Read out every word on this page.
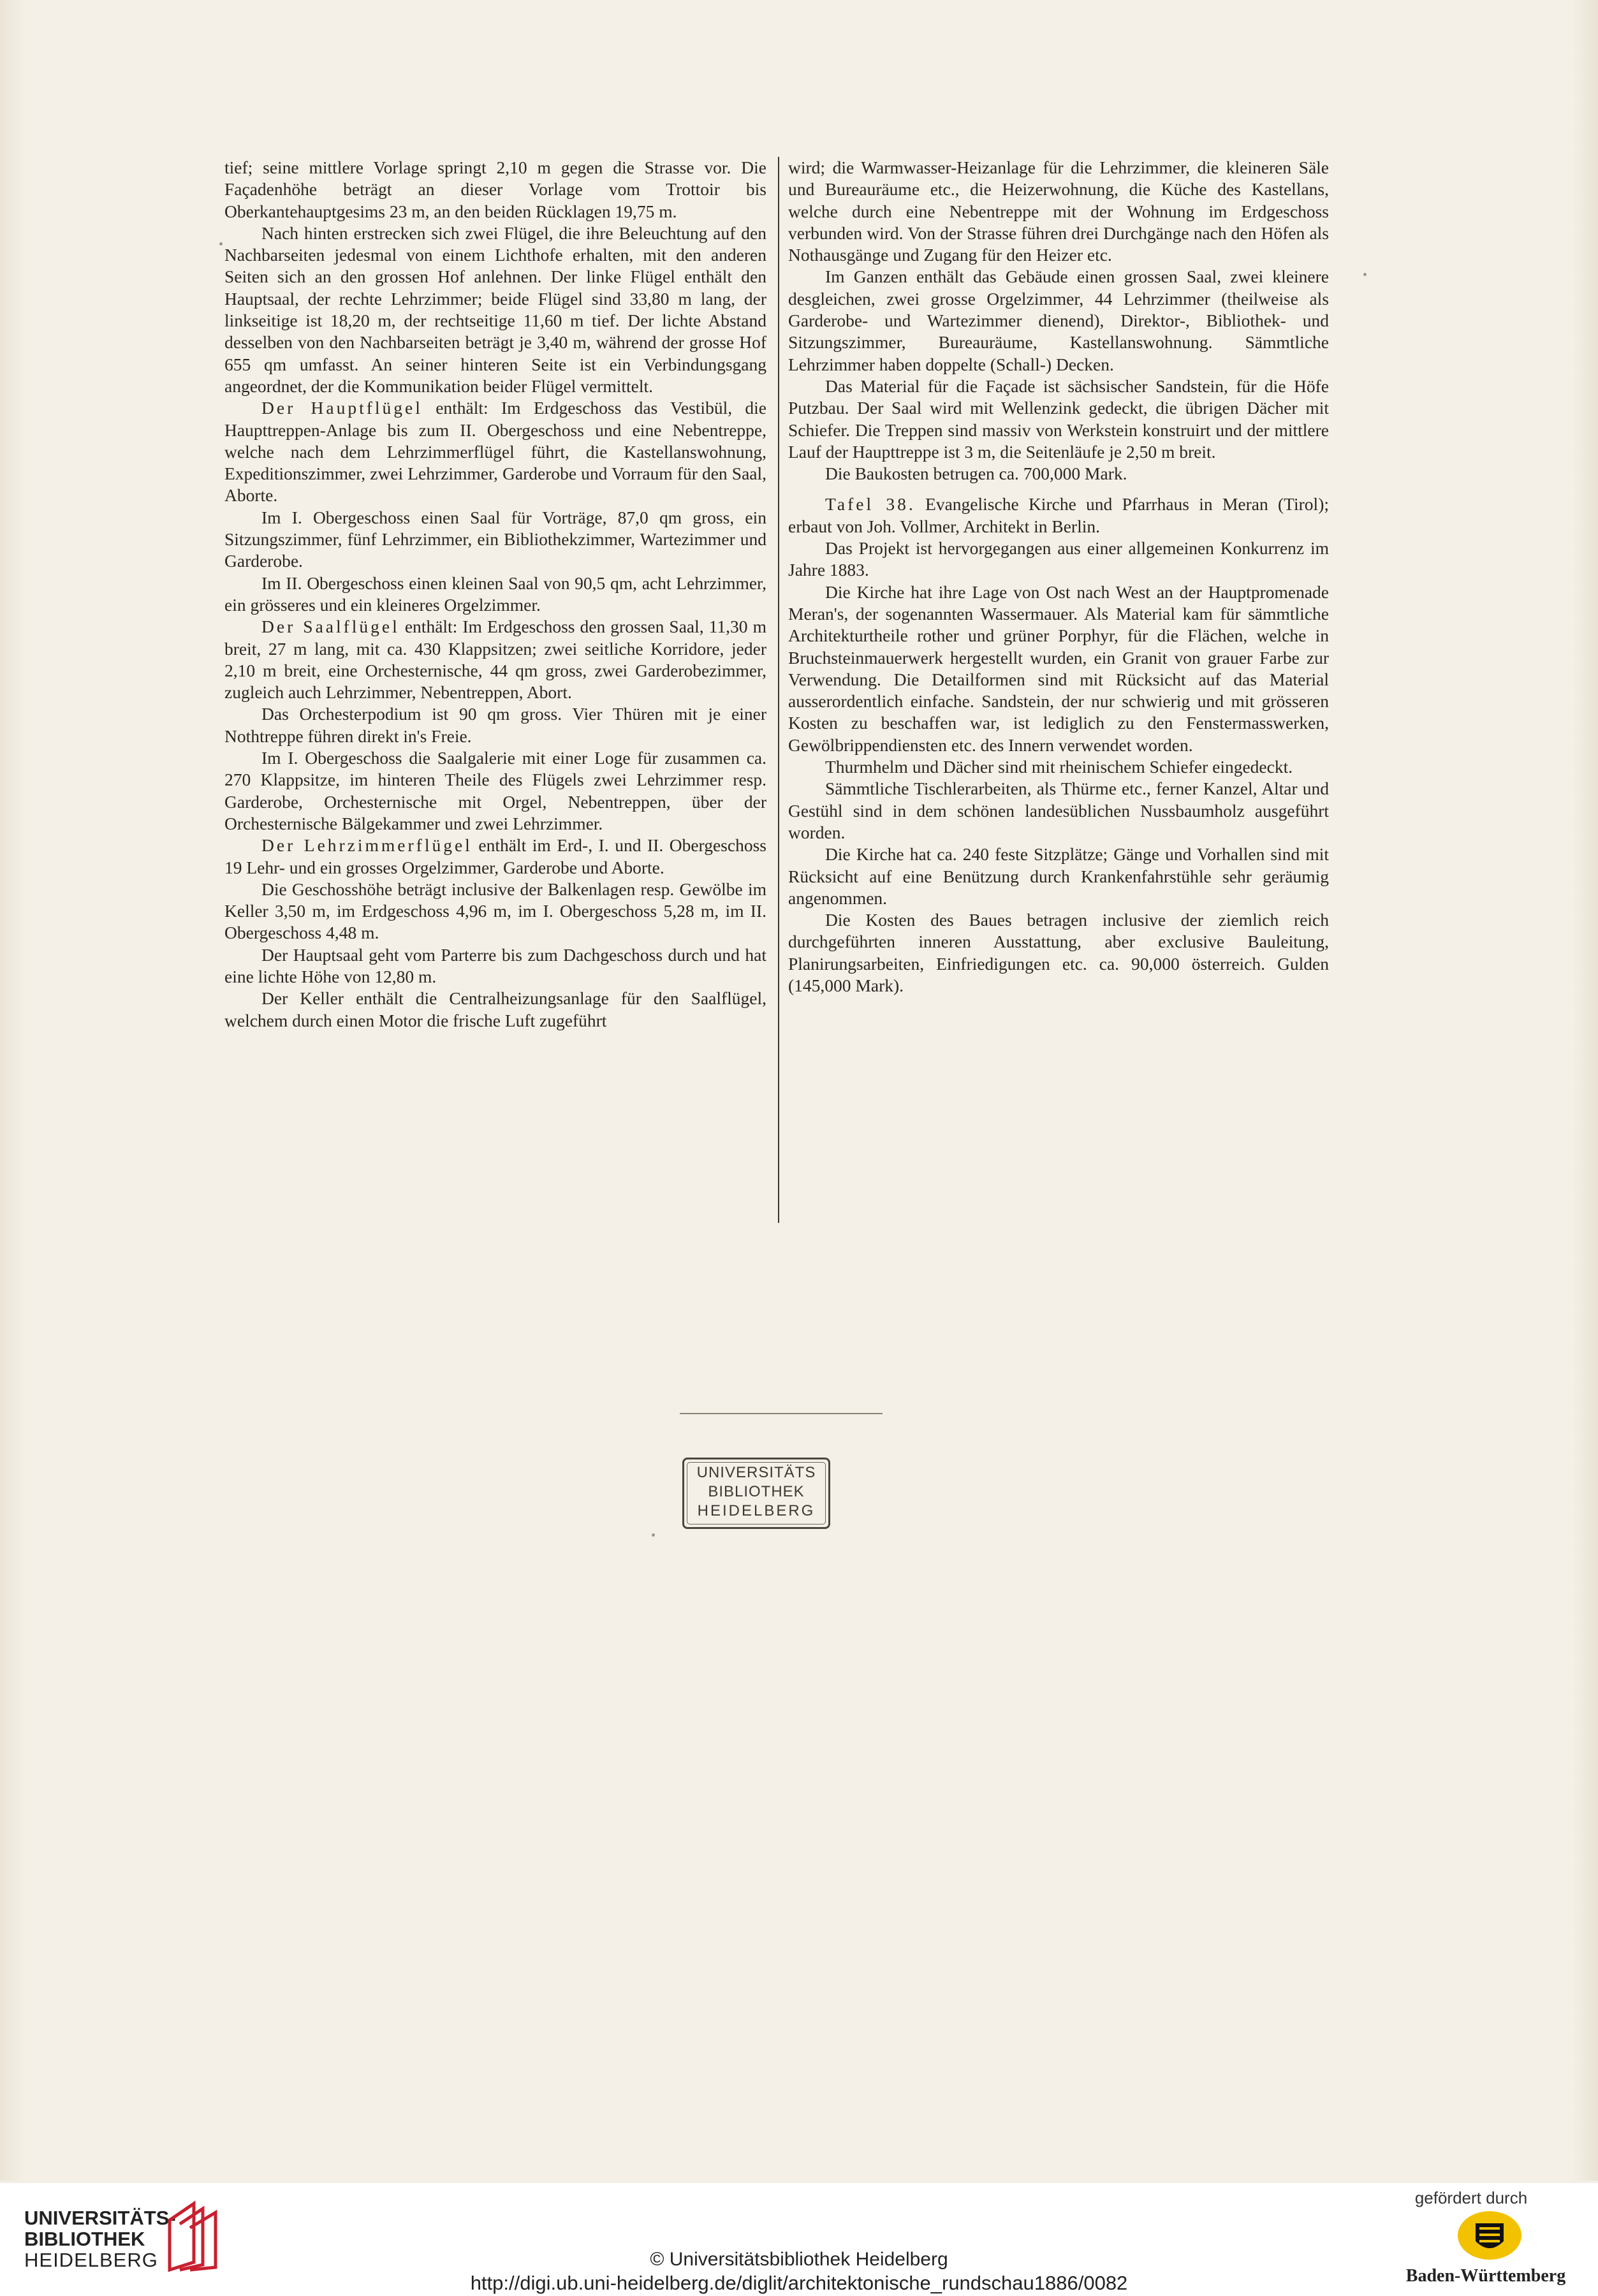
tief; seine mittlere Vorlage springt 2,10 m gegen die Strasse vor. Die Façadenhöhe beträgt an dieser Vorlage vom Trottoir bis Oberkantehauptgesims 23 m, an den beiden Rücklagen 19,75 m.

Nach hinten erstrecken sich zwei Flügel, die ihre Beleuchtung auf den Nachbarseiten jedesmal von einem Lichthofe erhalten, mit den anderen Seiten sich an den grossen Hof anlehnen. Der linke Flügel enthält den Hauptsaal, der rechte Lehrzimmer; beide Flügel sind 33,80 m lang, der linkseitige ist 18,20 m, der rechtseitige 11,60 m tief. Der lichte Abstand desselben von den Nachbarseiten beträgt je 3,40 m, während der grosse Hof 655 qm umfasst. An seiner hinteren Seite ist ein Verbindungsgang angeordnet, der die Kommunikation beider Flügel vermittelt.

Der Hauptflügel enthält: Im Erdgeschoss das Vestibül, die Haupttreppen-Anlage bis zum II. Obergeschoss und eine Nebentreppe, welche nach dem Lehrzimmerflügel führt, die Kastellanswohnung, Expeditionszimmer, zwei Lehrzimmer, Garderobe und Vorraum für den Saal, Aborte.

Im I. Obergeschoss einen Saal für Vorträge, 87,0 qm gross, ein Sitzungszimmer, fünf Lehrzimmer, ein Bibliothekzimmer, Wartezimmer und Garderobe.

Im II. Obergeschoss einen kleinen Saal von 90,5 qm, acht Lehrzimmer, ein grösseres und ein kleineres Orgelzimmer.

Der Saalflügel enthält: Im Erdgeschoss den grossen Saal, 11,30 m breit, 27 m lang, mit ca. 430 Klappsitzen; zwei seitliche Korridore, jeder 2,10 m breit, eine Orchesternische, 44 qm gross, zwei Garderobezimmer, zugleich auch Lehrzimmer, Nebentreppen, Abort.

Das Orchesterpodium ist 90 qm gross. Vier Thüren mit je einer Nothtreppe führen direkt in's Freie.

Im I. Obergeschoss die Saalgalerie mit einer Loge für zusammen ca. 270 Klappsitze, im hinteren Theile des Flügels zwei Lehrzimmer resp. Garderobe, Orchesternische mit Orgel, Nebentreppen, über der Orchesternische Bälgekammer und zwei Lehrzimmer.

Der Lehrzimmerflügel enthält im Erd-, I. und II. Obergeschoss 19 Lehr- und ein grosses Orgelzimmer, Garderobe und Aborte.

Die Geschosshöhe beträgt inclusive der Balkenlagen resp. Gewölbe im Keller 3,50 m, im Erdgeschoss 4,96 m, im I. Obergeschoss 5,28 m, im II. Obergeschoss 4,48 m.

Der Hauptsaal geht vom Parterre bis zum Dachgeschoss durch und hat eine lichte Höhe von 12,80 m.

Der Keller enthält die Centralheizungsanlage für den Saalflügel, welchem durch einen Motor die frische Luft zugeführt

wird; die Warmwasser-Heizanlage für die Lehrzimmer, die kleineren Säle und Bureauräume etc., die Heizerwohnung, die Küche des Kastellans, welche durch eine Nebentreppe mit der Wohnung im Erdgeschoss verbunden wird. Von der Strasse führen drei Durchgänge nach den Höfen als Nothausgänge und Zugang für den Heizer etc.

Im Ganzen enthält das Gebäude einen grossen Saal, zwei kleinere desgleichen, zwei grosse Orgelzimmer, 44 Lehrzimmer (theilweise als Garderobe- und Wartezimmer dienend), Direktor-, Bibliothek- und Sitzungszimmer, Bureauräume, Kastellanswohnung. Sämmtliche Lehrzimmer haben doppelte (Schall-) Decken.

Das Material für die Façade ist sächsischer Sandstein, für die Höfe Putzbau. Der Saal wird mit Wellenzink gedeckt, die übrigen Dächer mit Schiefer. Die Treppen sind massiv von Werkstein konstruirt und der mittlere Lauf der Haupttreppe ist 3 m, die Seitenläufe je 2,50 m breit.

Die Baukosten betrugen ca. 700,000 Mark.

Tafel 38. Evangelische Kirche und Pfarrhaus in Meran (Tirol); erbaut von Joh. Vollmer, Architekt in Berlin.

Das Projekt ist hervorgegangen aus einer allgemeinen Konkurrenz im Jahre 1883.

Die Kirche hat ihre Lage von Ost nach West an der Hauptpromenade Meran's, der sogenannten Wassermauer. Als Material kam für sämmtliche Architekturtheile rother und grüner Porphyr, für die Flächen, welche in Bruchsteinmauerwerk hergestellt wurden, ein Granit von grauer Farbe zur Verwendung. Die Detailformen sind mit Rücksicht auf das Material ausserordentlich einfache. Sandstein, der nur schwierig und mit grösseren Kosten zu beschaffen war, ist lediglich zu den Fenstermasswerken, Gewölbrippendiensten etc. des Innern verwendet worden.

Thurmhelm und Dächer sind mit rheinischem Schiefer eingedeckt.

Sämmtliche Tischlerarbeiten, als Thürme etc., ferner Kanzel, Altar und Gestühl sind in dem schönen landesüblichen Nussbaumholz ausgeführt worden.

Die Kirche hat ca. 240 feste Sitzplätze; Gänge und Vorhallen sind mit Rücksicht auf eine Benützung durch Krankenfahrstühle sehr geräumig angenommen.

Die Kosten des Baues betragen inclusive der ziemlich reich durchgeführten inneren Ausstattung, aber exclusive Bauleitung, Planirungsarbeiten, Einfriedigungen etc. ca. 90,000 österreich. Gulden (145,000 Mark).

UNIVERSITÄTS
BIBLIOTHEK
HEIDELBERG
UNIVERSITÄTS-
BIBLIOTHEK
HEIDELBERG	© Universitätsbibliothek Heidelberg
http://digi.ub.uni-heidelberg.de/diglit/architektonische_rundschau1886/0082
gefördert durch
Baden-Württemberg
